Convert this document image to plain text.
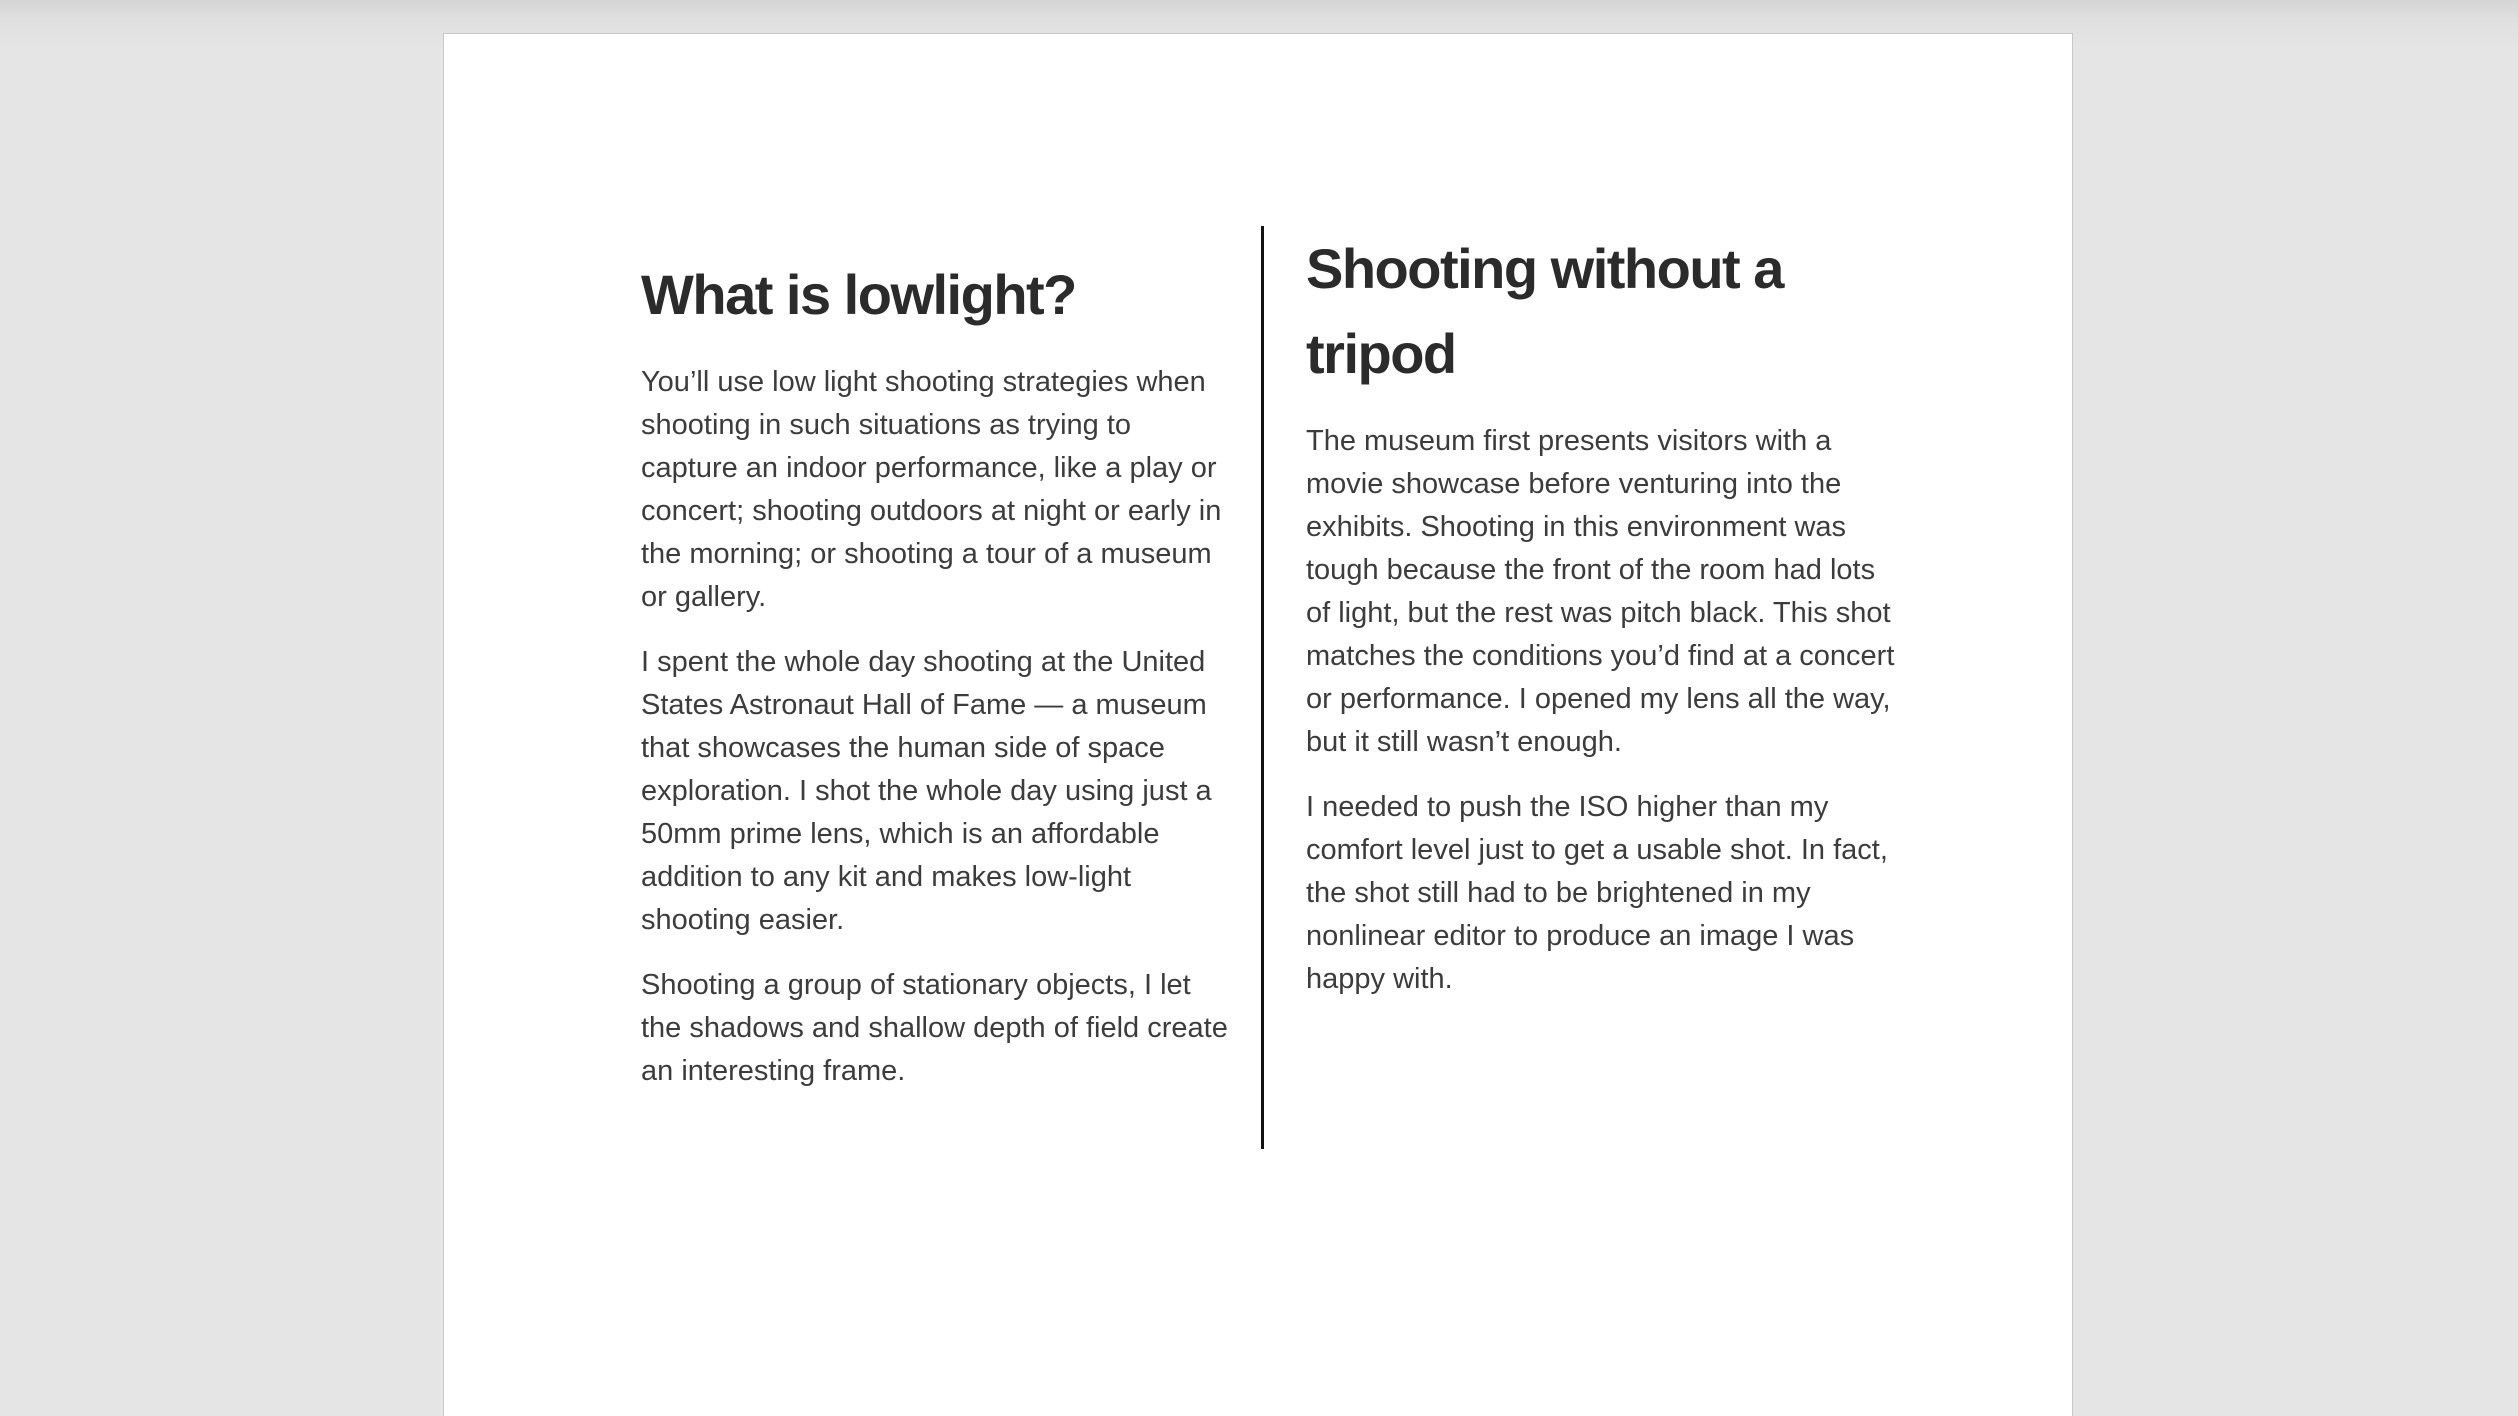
What is lowlight?

You’ll use low light shooting strategies when shooting in such situations as trying to capture an indoor performance, like a play or concert; shooting outdoors at night or early in the morning; or shooting a tour of a museum or gallery.

I spent the whole day shooting at the United States Astronaut Hall of Fame — a museum that showcases the human side of space exploration. I shot the whole day using just a 50mm prime lens, which is an affordable addition to any kit and makes low-light shooting easier.

Shooting a group of stationary objects, I let the shadows and shallow depth of field create an interesting frame.

Shooting without a tripod

The museum first presents visitors with a movie showcase before venturing into the exhibits. Shooting in this environment was tough because the front of the room had lots of light, but the rest was pitch black. This shot matches the conditions you’d find at a concert or performance. I opened my lens all the way, but it still wasn’t enough.

I needed to push the ISO higher than my comfort level just to get a usable shot. In fact, the shot still had to be brightened in my nonlinear editor to produce an image I was happy with.
